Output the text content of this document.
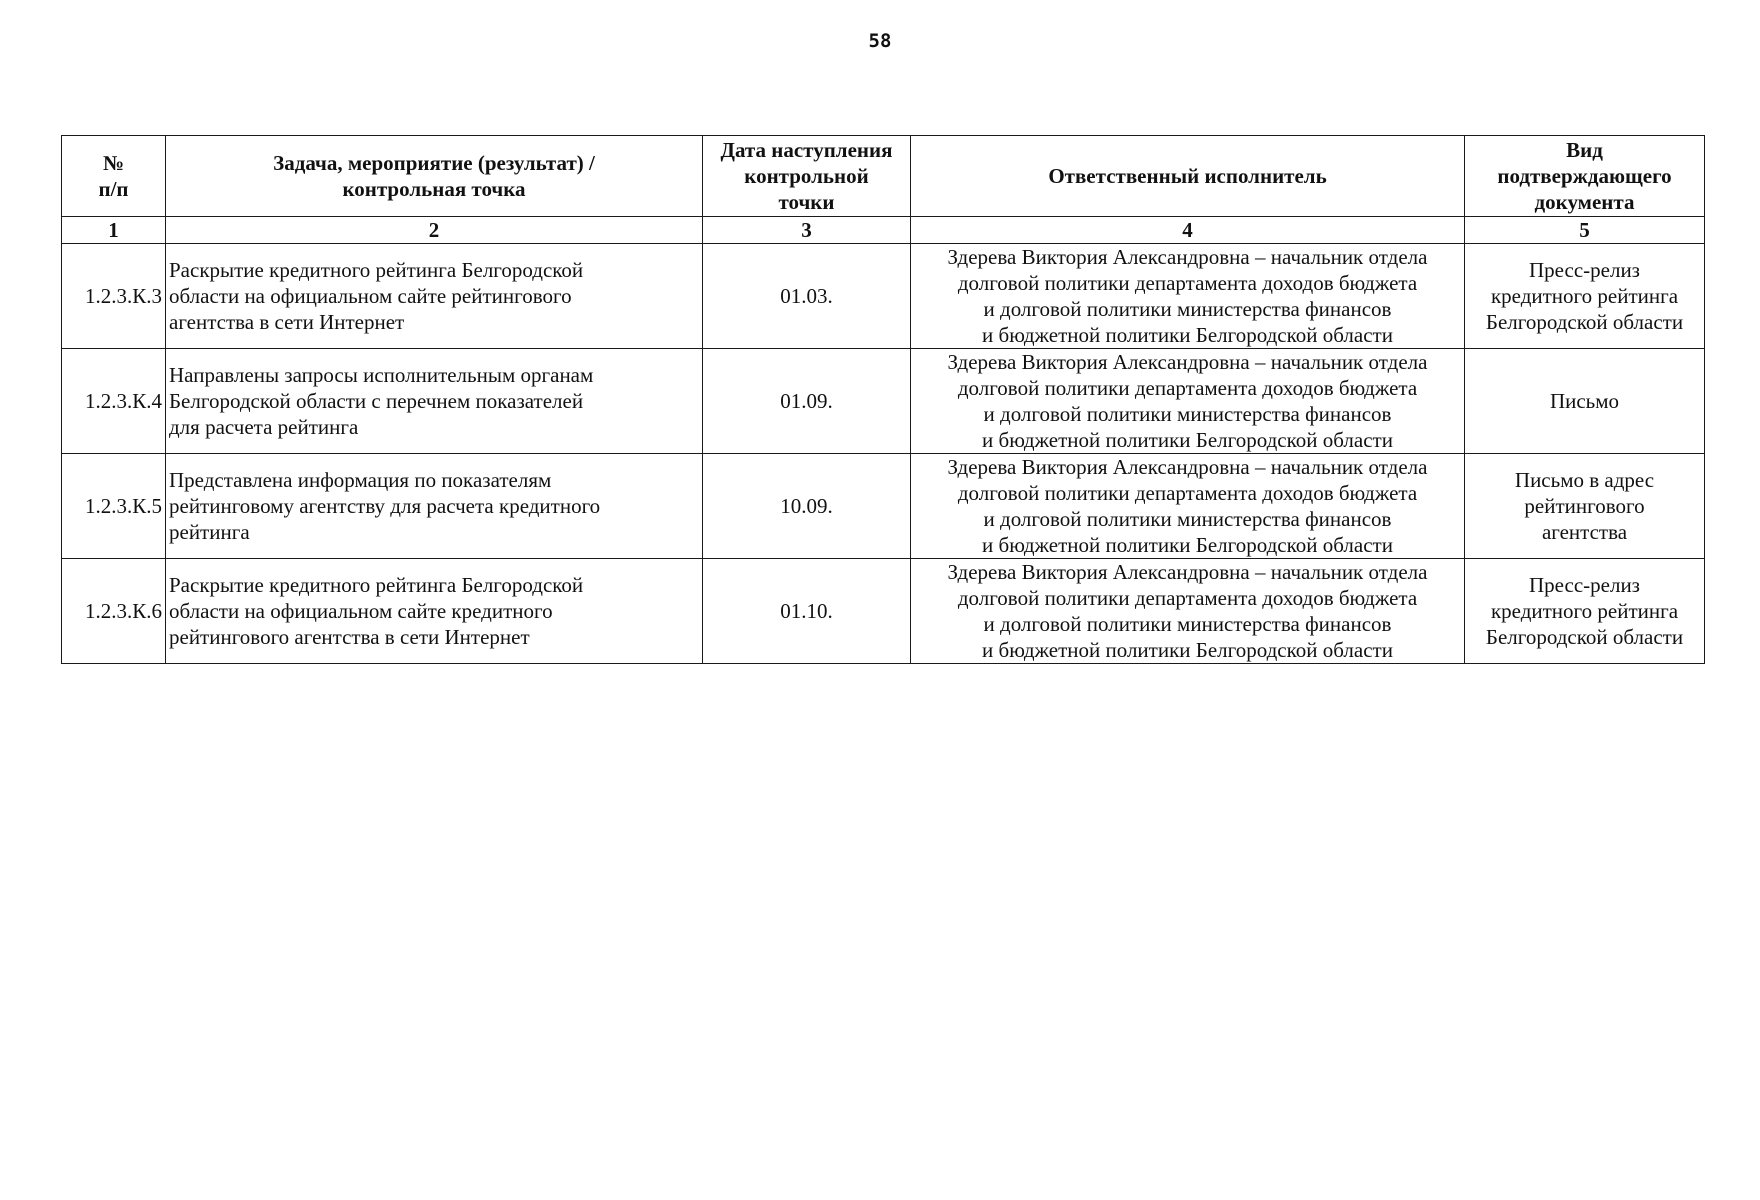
58
№
п/п	Задача, мероприятие (результат) /
контрольная точка	Дата наступления
контрольной
точки	Ответственный исполнитель	Вид
подтверждающего
документа

1	2	3	4	5
1.2.3.К.3	Раскрытие кредитного рейтинга Белгородской
области на официальном сайте рейтингового
агентства в сети Интернет	01.03.	Здерева Виктория Александровна – начальник отдела
долговой политики департамента доходов бюджета
и долговой политики министерства финансов
и бюджетной политики Белгородской области	Пресс-релиз
кредитного рейтинга
Белгородской области

1.2.3.К.4	Направлены запросы исполнительным органам
Белгородской области с перечнем показателей
для расчета рейтинга	01.09.	Здерева Виктория Александровна – начальник отдела
долговой политики департамента доходов бюджета
и долговой политики министерства финансов
и бюджетной политики Белгородской области	Письмо

1.2.3.К.5	Представлена информация по показателям
рейтинговому агентству для расчета кредитного
рейтинга	10.09.	Здерева Виктория Александровна – начальник отдела
долговой политики департамента доходов бюджета
и долговой политики министерства финансов
и бюджетной политики Белгородской области	Письмо в адрес
рейтингового
агентства

1.2.3.К.6	Раскрытие кредитного рейтинга Белгородской
области на официальном сайте кредитного
рейтингового агентства в сети Интернет	01.10.	Здерева Виктория Александровна – начальник отдела
долговой политики департамента доходов бюджета
и долговой политики министерства финансов
и бюджетной политики Белгородской области	Пресс-релиз
кредитного рейтинга
Белгородской области
